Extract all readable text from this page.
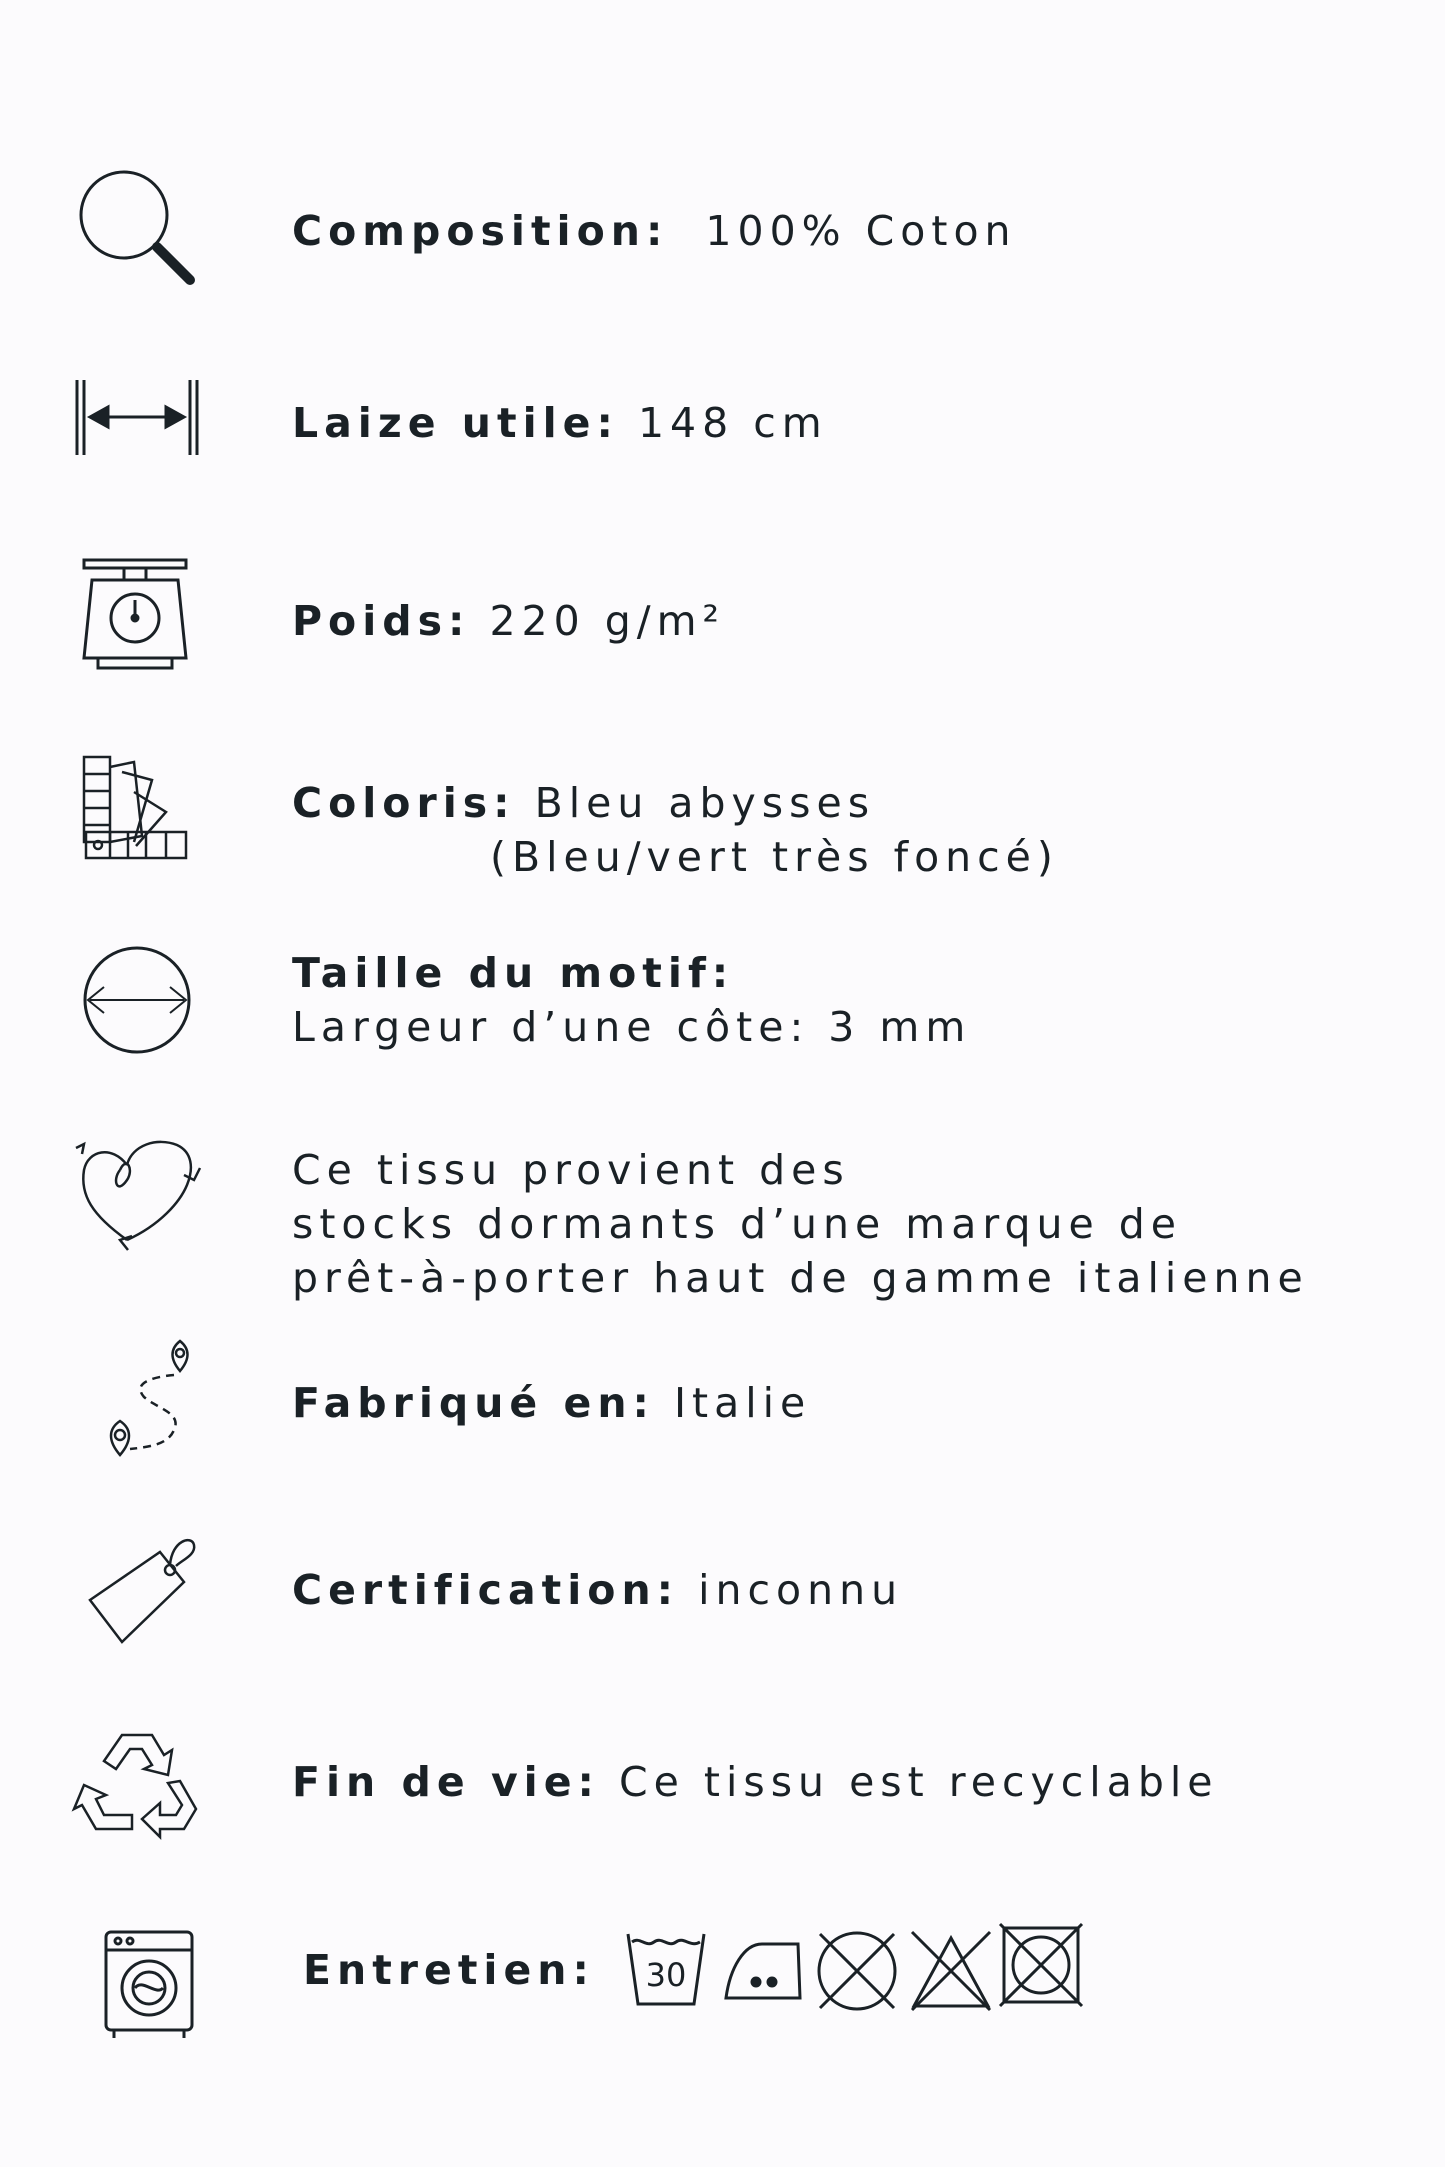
Composition: 100% Coton
Laize utile: 148 cm
Poids: 220 g/m²
Coloris: Bleu abysses
(Bleu/vert très foncé)
Taille du motif:
Largeur d’une côte: 3 mm
Ce tissu provient des
stocks dormants d’une marque de
prêt-à-porter haut de gamme italienne
Fabriqué en: Italie
Certification: inconnu
Fin de vie: Ce tissu est recyclable
Entretien: 30
